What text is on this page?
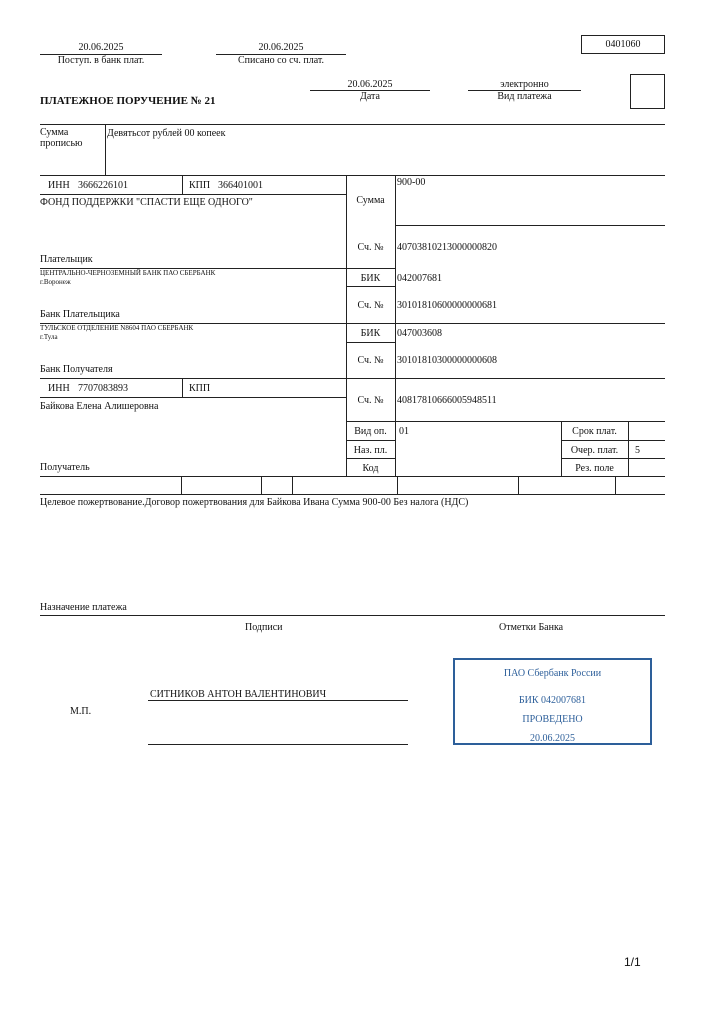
20.06.2025
Поступ. в банк плат.
20.06.2025
Списано со сч. плат.
0401060
ПЛАТЕЖНОЕ ПОРУЧЕНИЕ № 21
20.06.2025
Дата
электронно
Вид платежа
Сумма
прописью
Девятьсот рублей 00 копеек
ИНН 3666226101	КПП 366401001
ФОНД ПОДДЕРЖКИ "СПАСТИ ЕЩЕ ОДНОГО"
Плательщик
Сумма
900-00
Сч. №	40703810213000000820
ЦЕНТРАЛЬНО-ЧЕРНОЗЕМНЫЙ БАНК ПАО СБЕРБАНК
г.Воронеж
Банк Плательщика
БИК	042007681
Сч. №	30101810600000000681
ТУЛЬСКОЕ ОТДЕЛЕНИЕ N8604 ПАО СБЕРБАНК
г.Тула
Банк Получателя
БИК	047003608
Сч. №	30101810300000000608
ИНН 7707083893	КПП
Байкова Елена Алишеровна
Получатель
Сч. №	40817810666005948511
Вид оп.	01
Наз. пл.
Код
Срок плат.
Очер. плат.	5
Рез. поле
Целевое пожертвование.Договор пожертвования для Байкова Ивана Сумма 900-00 Без налога (НДС)
Назначение платежа
Подписи	Отметки Банка
М.П.
СИТНИКОВ АНТОН ВАЛЕНТИНОВИЧ
ПАО Сбербанк России
БИК 042007681
ПРОВЕДЕНО
20.06.2025
1/1
